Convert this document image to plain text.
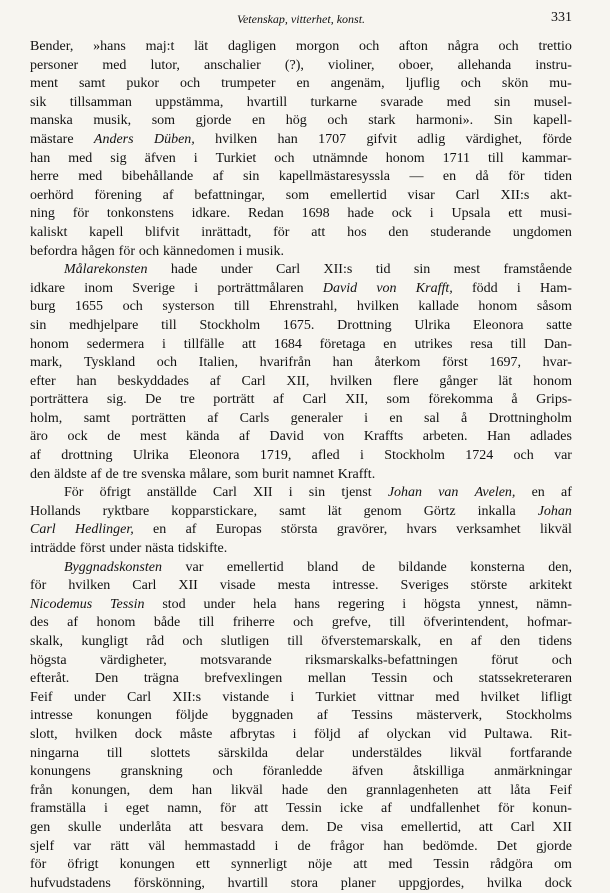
Vetenskap, vitterhet, konst.	331
Bender, »hans maj:t lät dagligen morgon och afton några och trettio
personer med lutor, anschalier (?), violiner, oboer, allehanda instru-
ment samt pukor och trumpeter en angenäm, ljuflig och skön mu-
sik tillsamman uppstämma, hvartill turkarne svarade med sin musel-
manska musik, som gjorde en hög och stark harmoni». Sin kapell-
mästare Anders Düben, hvilken han 1707 gifvit adlig värdighet, förde
han med sig äfven i Turkiet och utnämnde honom 1711 till kammar-
herre med bibehållande af sin kapellmästaresyssla — en då för tiden
oerhörd förening af befattningar, som emellertid visar Carl XII:s akt-
ning för tonkonstens idkare. Redan 1698 hade ock i Upsala ett musi-
kaliskt kapell blifvit inrättadt, för att hos den studerande ungdomen
befordra hågen för och kännedomen i musik.
Målarekonsten hade under Carl XII:s tid sin mest framstående
idkare inom Sverige i porträttmålaren David von Krafft, född i Ham-
burg 1655 och systerson till Ehrenstrahl, hvilken kallade honom såsom
sin medhjelpare till Stockholm 1675. Drottning Ulrika Eleonora satte
honom sedermera i tillfälle att 1684 företaga en utrikes resa till Dan-
mark, Tyskland och Italien, hvarifrån han återkom först 1697, hvar-
efter han beskyddades af Carl XII, hvilken flere gånger lät honom
porträttera sig. De tre porträtt af Carl XII, som förekomma å Grips-
holm, samt porträtten af Carls generaler i en sal å Drottningholm
äro ock de mest kända af David von Kraffts arbeten. Han adlades
af drottning Ulrika Eleonora 1719, afled i Stockholm 1724 och var
den äldste af de tre svenska målare, som burit namnet Krafft.
För öfrigt anställde Carl XII i sin tjenst Johan van Avelen, en af
Hollands ryktbare kopparstickare, samt lät genom Görtz inkalla Johan
Carl Hedlinger, en af Europas största gravörer, hvars verksamhet likväl
inträdde först under nästa tidskifte.
Byggnadskonsten var emellertid bland de bildande konsterna den,
för hvilken Carl XII visade mesta intresse. Sveriges störste arkitekt
Nicodemus Tessin stod under hela hans regering i högsta ynnest, nämn-
des af honom både till friherre och grefve, till öfverintendent, hofmar-
skalk, kungligt råd och slutligen till öfverstemarskalk, en af den tidens
högsta värdigheter, motsvarande riksmarskalks-befattningen förut och
efteråt. Den trägna brefvexlingen mellan Tessin och statssekreteraren
Feif under Carl XII:s vistande i Turkiet vittnar med hvilket lifligt
intresse konungen följde byggnaden af Tessins mästerverk, Stockholms
slott, hvilken dock måste afbrytas i följd af olyckan vid Pultawa. Rit-
ningarna till slottets särskilda delar understäldes likväl fortfarande
konungens granskning och föranledde äfven åtskilliga anmärkningar
från konungen, dem han likväl hade den grannlagenheten att låta Feif
framställa i eget namn, för att Tessin icke af undfallenhet för konun-
gen skulle underlåta att besvara dem. De visa emellertid, att Carl XII
sjelf var rätt väl hemmastadd i de frågor han bedömde. Det gjorde
för öfrigt konungen ett synnerligt nöje att med Tessin rådgöra om
hufvudstadens förskönning, hvartill stora planer uppgjordes, hvilka dock
